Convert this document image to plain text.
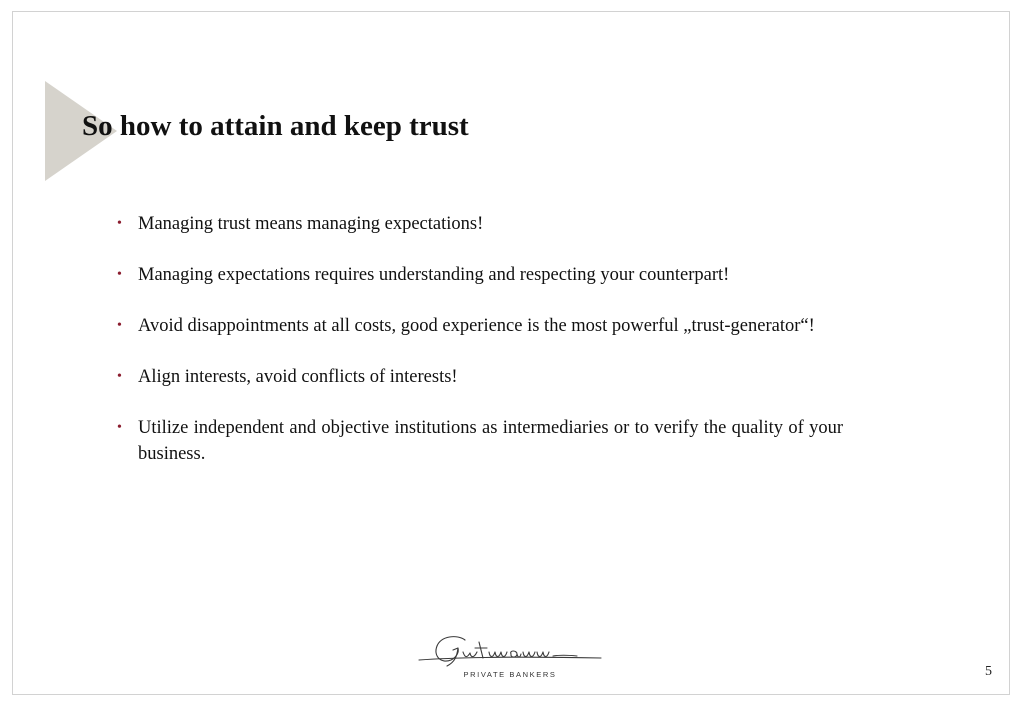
So how to attain and keep trust
• Managing trust means managing expectations!
• Managing expectations requires understanding and respecting your counterpart!
• Avoid disappointments at all costs, good experience is the most powerful „trust-generator“!
• Align interests, avoid conflicts of interests!
• Utilize independent and objective institutions as intermediaries or to verify the quality of your business.
PRIVATE BANKERS	5
